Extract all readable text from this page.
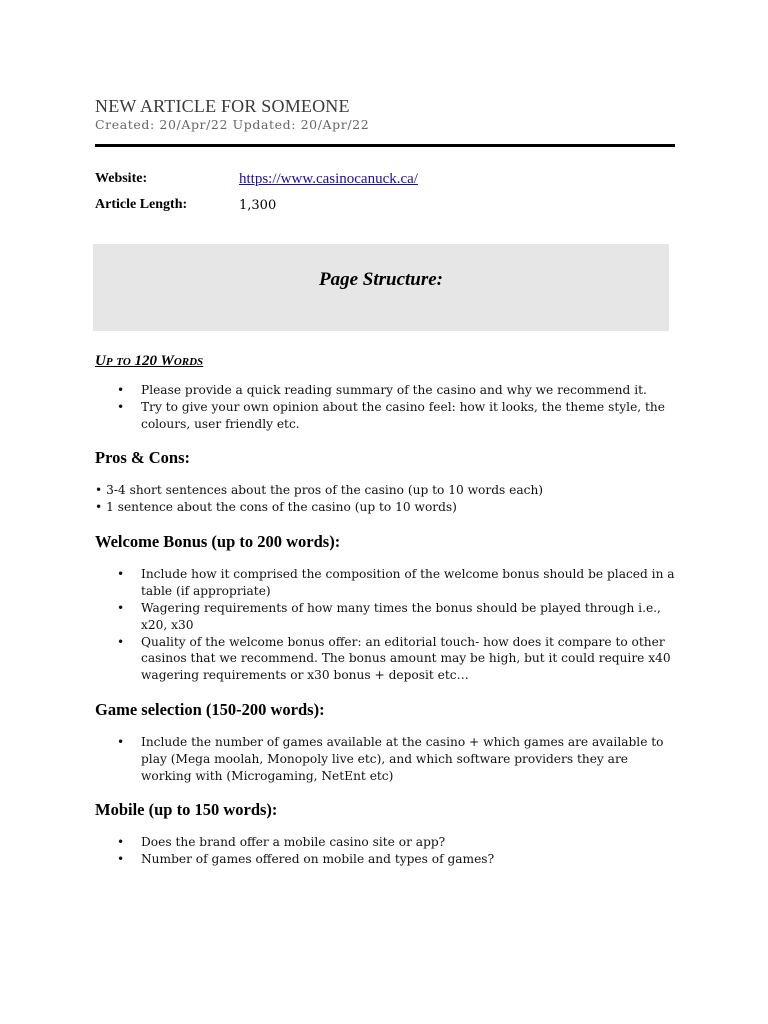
NEW ARTICLE FOR SOMEONE

Created: 20/Apr/22 Updated: 20/Apr/22

Website:	https://www.casinocanuck.ca/
Article Length:	1,300
Page Structure:

Up to 120 Words

• Please provide a quick reading summary of the casino and why we recommend it.
• Try to give your own opinion about the casino feel: how it looks, the theme style, the colours, user friendly etc.

Pros & Cons:

• 3-4 short sentences about the pros of the casino (up to 10 words each)

• 1 sentence about the cons of the casino (up to 10 words)

Welcome Bonus (up to 200 words):

• Include how it comprised the composition of the welcome bonus should be placed in a table (if appropriate)
• Wagering requirements of how many times the bonus should be played through i.e., x20, x30
• Quality of the welcome bonus offer: an editorial touch- how does it compare to other casinos that we recommend. The bonus amount may be high, but it could require x40 wagering requirements or x30 bonus + deposit etc…

Game selection (150-200 words):

• Include the number of games available at the casino + which games are available to play (Mega moolah, Monopoly live etc), and which software providers they are working with (Microgaming, NetEnt etc)

Mobile (up to 150 words):

• Does the brand offer a mobile casino site or app?
• Number of games offered on mobile and types of games?
